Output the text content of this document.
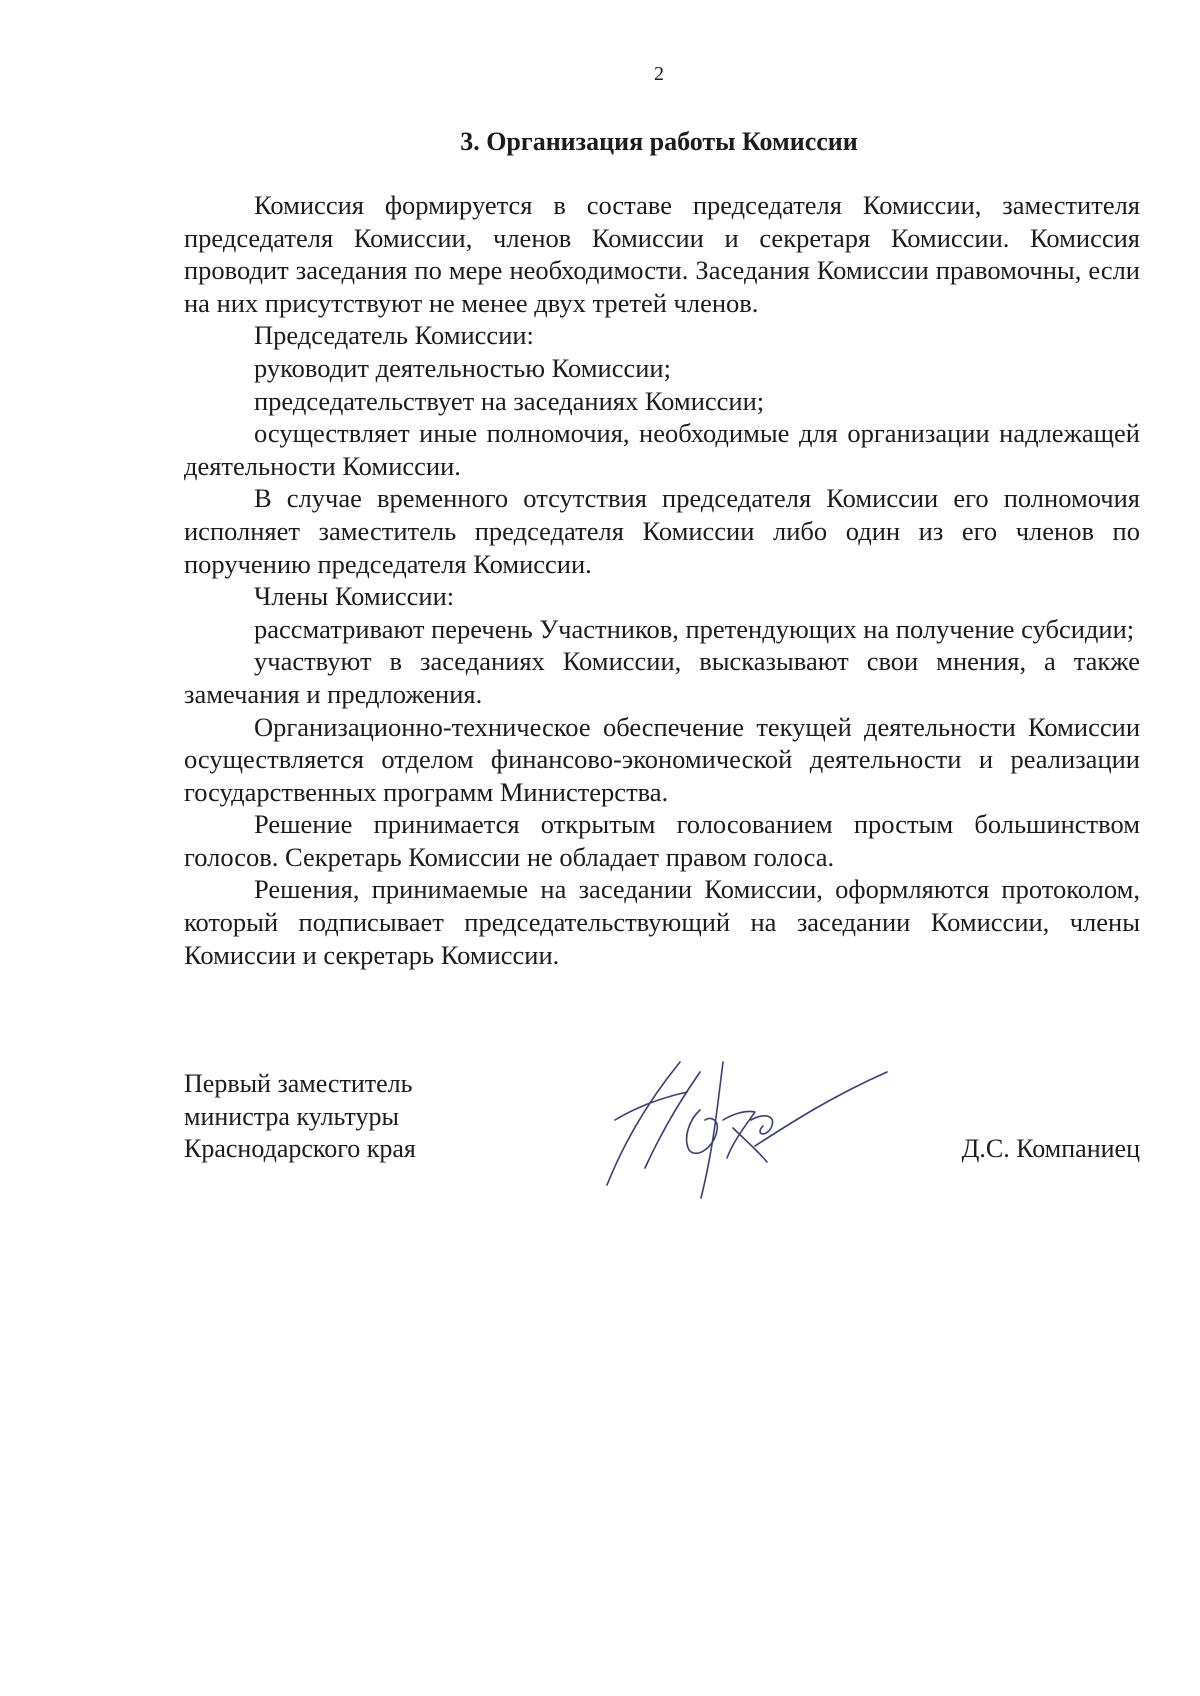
2
3. Организация работы Комиссии

Комиссия формируется в составе председателя Комиссии, заместителя председателя Комиссии, членов Комиссии и секретаря Комиссии. Комиссия проводит заседания по мере необходимости. Заседания Комиссии правомочны, если на них присутствуют не менее двух третей членов.

Председатель Комиссии:

руководит деятельностью Комиссии;

председательствует на заседаниях Комиссии;

осуществляет иные полномочия, необходимые для организации надлежащей деятельности Комиссии.

В случае временного отсутствия председателя Комиссии его полномочия исполняет заместитель председателя Комиссии либо один из его членов по поручению председателя Комиссии.

Члены Комиссии:

рассматривают перечень Участников, претендующих на получение субсидии;

участвуют в заседаниях Комиссии, высказывают свои мнения, а также замечания и предложения.

Организационно-техническое обеспечение текущей деятельности Комиссии осуществляется отделом финансово-экономической деятельности и реализации государственных программ Министерства.

Решение принимается открытым голосованием простым большинством голосов. Секретарь Комиссии не обладает правом голоса.

Решения, принимаемые на заседании Комиссии, оформляются протоколом, который подписывает председательствующий на заседании Комиссии, члены Комиссии и секретарь Комиссии.

Первый заместитель
министра культуры
Краснодарского края	Д.С. Компаниец
